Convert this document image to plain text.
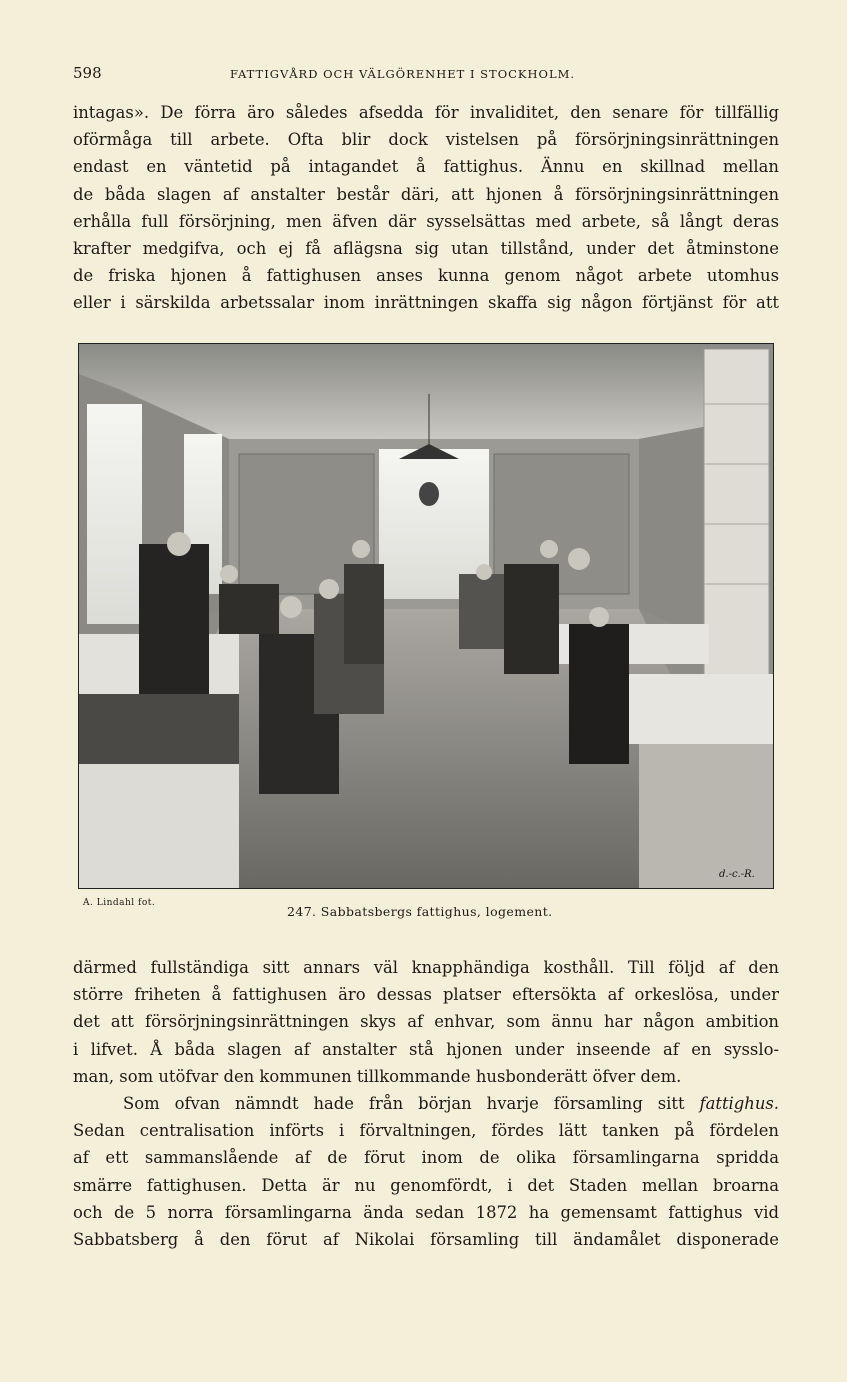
598	FATTIGVÅRD OCH VÄLGÖRENHET I STOCKHOLM.
intagas». De förra äro således afsedda för invaliditet, den senare för tillfällig
oförmåga till arbete. Ofta blir dock vistelsen på försörjningsinrättningen
endast en väntetid på intagandet å fattighus. Ännu en skillnad mellan
de båda slagen af anstalter består däri, att hjonen å försörjningsinrättningen
erhålla full försörjning, men äfven där sysselsättas med arbete, så långt deras
krafter medgifva, och ej få aflägsna sig utan tillstånd, under det åtminstone
de friska hjonen å fattighusen anses kunna genom något arbete utomhus
eller i särskilda arbetssalar inom inrättningen skaffa sig någon förtjänst för att
d.-c.-R.
A. Lindahl fot.
247. Sabbatsbergs fattighus, logement.
därmed fullständiga sitt annars väl knapphändiga kosthåll. Till följd af den
större friheten å fattighusen äro dessas platser eftersökta af orkeslösa, under
det att försörjningsinrättningen skys af enhvar, som ännu har någon ambition
i lifvet. Å båda slagen af anstalter stå hjonen under inseende af en sysslo-
man, som utöfvar den kommunen tillkommande husbonderätt öfver dem.
Som ofvan nämndt hade från början hvarje församling sitt fattighus.
Sedan centralisation införts i förvaltningen, fördes lätt tanken på fördelen
af ett sammanslående af de förut inom de olika församlingarna spridda
smärre fattighusen. Detta är nu genomfördt, i det Staden mellan broarna
och de 5 norra församlingarna ända sedan 1872 ha gemensamt fattighus vid
Sabbatsberg å den förut af Nikolai församling till ändamålet disponerade
